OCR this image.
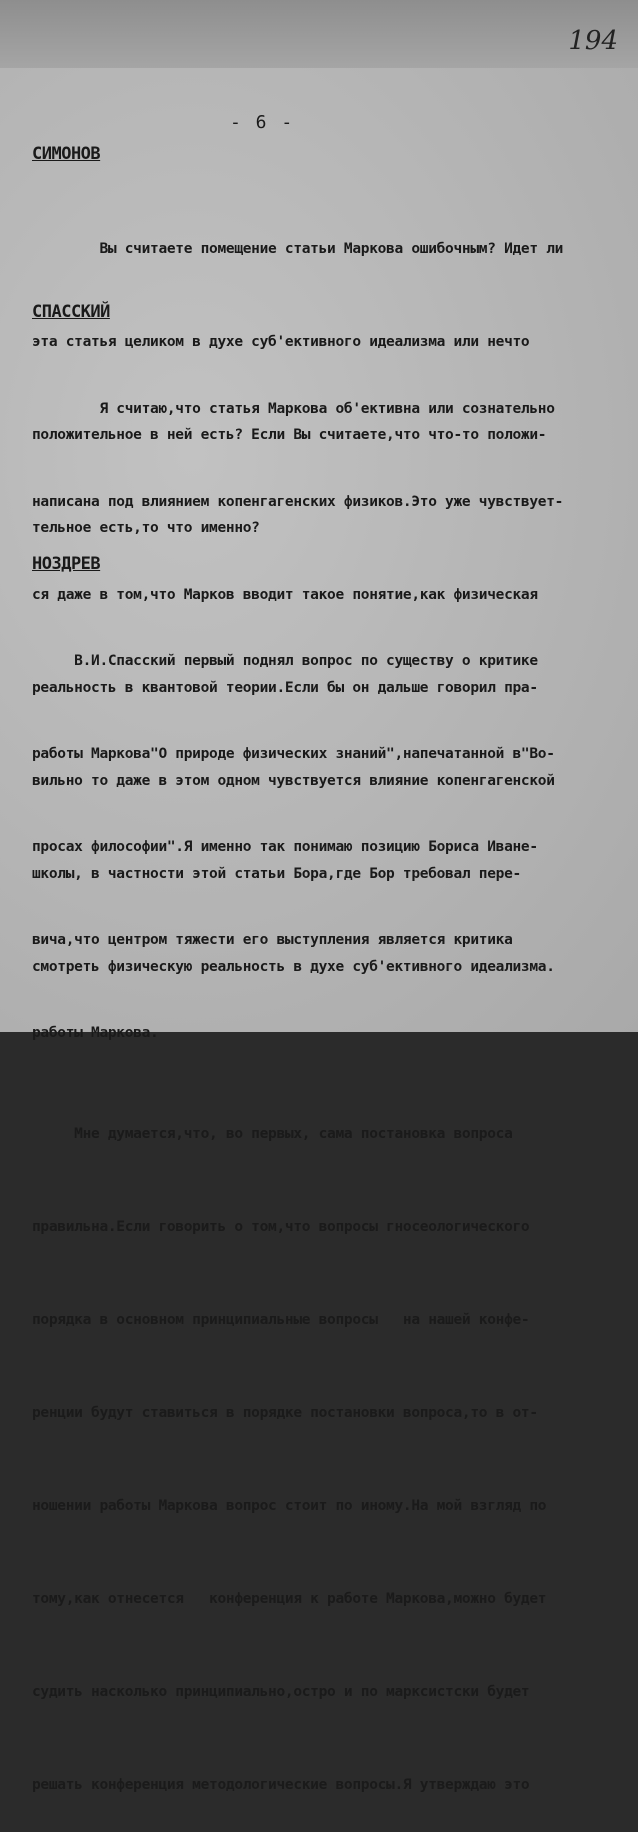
194
- 6 -
СИМОНОВ

Вы считаете помещение статьи Маркова ошибочным? Идет ли

эта статья целиком в духе суб'ективного идеализма или нечто

положительное в ней есть? Если Вы считаете,что что-то положи-

тельное есть,то что именно?

СПАССКИЙ

Я считаю,что статья Маркова об'ективна или сознательно

написана под влиянием копенгагенских физиков.Это уже чувствует-

ся даже в том,что Марков вводит такое понятие,как физическая

реальность в квантовой теории.Если бы он дальше говорил пра-

вильно то даже в этом одном чувствуется влияние копенгагенской

школы, в частности этой статьи Бора,где Бор требовал пере-

смотреть физическую реальность в духе суб'ективного идеализма.

НОЗДРЕВ

В.И.Спасский первый поднял вопрос по существу о критике

работы Маркова"О природе физических знаний",напечатанной в"Во-

просах философии".Я именно так понимаю позицию Бориса Иване-

вича,что центром тяжести его выступления является критика

работы Маркова.

Мне думается,что, во первых, сама постановка вопроса

правильна.Если говорить о том,что вопросы гносеологического

порядка в основном принципиальные вопросы   на нашей конфе-

ренции будут ставиться в порядке постановки вопроса,то в от-

ношении работы Маркова вопрос стоит по иному.На мой взгляд по

тому,как отнесется   конференция к работе Маркова,можно будет

судить насколько принципиально,остро и по марксистски будет

решать конференция методологические вопросы.Я утверждаю это
